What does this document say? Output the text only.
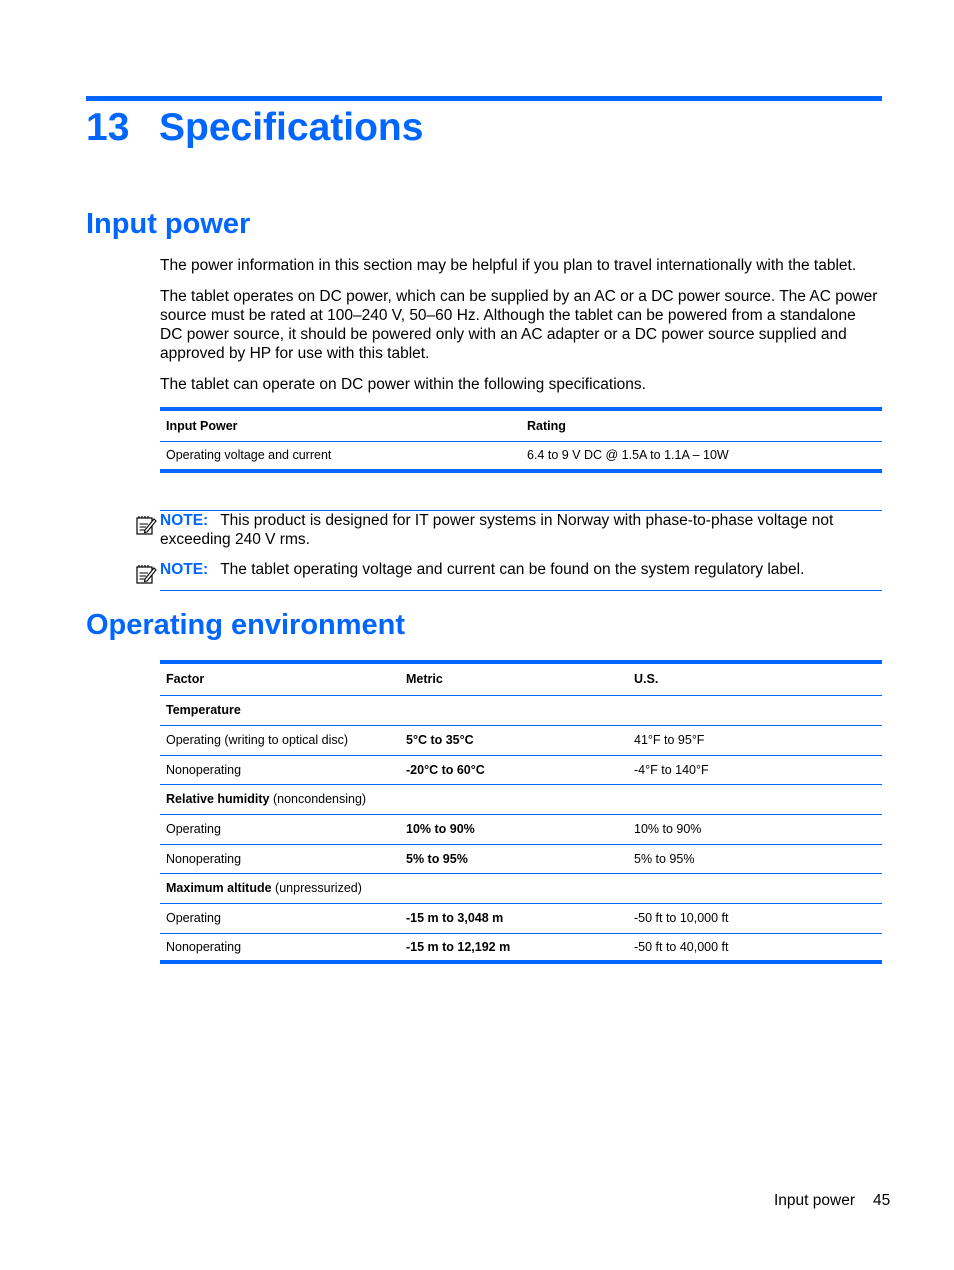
13 Specifications
Input power

The power information in this section may be helpful if you plan to travel internationally with the tablet.

The tablet operates on DC power, which can be supplied by an AC or a DC power source. The AC power source must be rated at 100–240 V, 50–60 Hz. Although the tablet can be powered from a standalone DC power source, it should be powered only with an AC adapter or a DC power source supplied and approved by HP for use with this tablet.

The tablet can operate on DC power within the following specifications.

Input Power	Rating
Operating voltage and current	6.4 to 9 V DC @ 1.5A to 1.1A – 10W
NOTE: This product is designed for IT power systems in Norway with phase-to-phase voltage not exceeding 240 V rms.
NOTE: The tablet operating voltage and current can be found on the system regulatory label.
Operating environment
Factor	Metric	U.S.
Temperature		
Operating (writing to optical disc)	5°C to 35°C	41°F to 95°F
Nonoperating	-20°C to 60°C	-4°F to 140°F
Relative humidity (noncondensing)		
Operating	10% to 90%	10% to 90%
Nonoperating	5% to 95%	5% to 95%
Maximum altitude (unpressurized)		
Operating	-15 m to 3,048 m	-50 ft to 10,000 ft
Nonoperating	-15 m to 12,192 m	-50 ft to 40,000 ft
Input power 45
